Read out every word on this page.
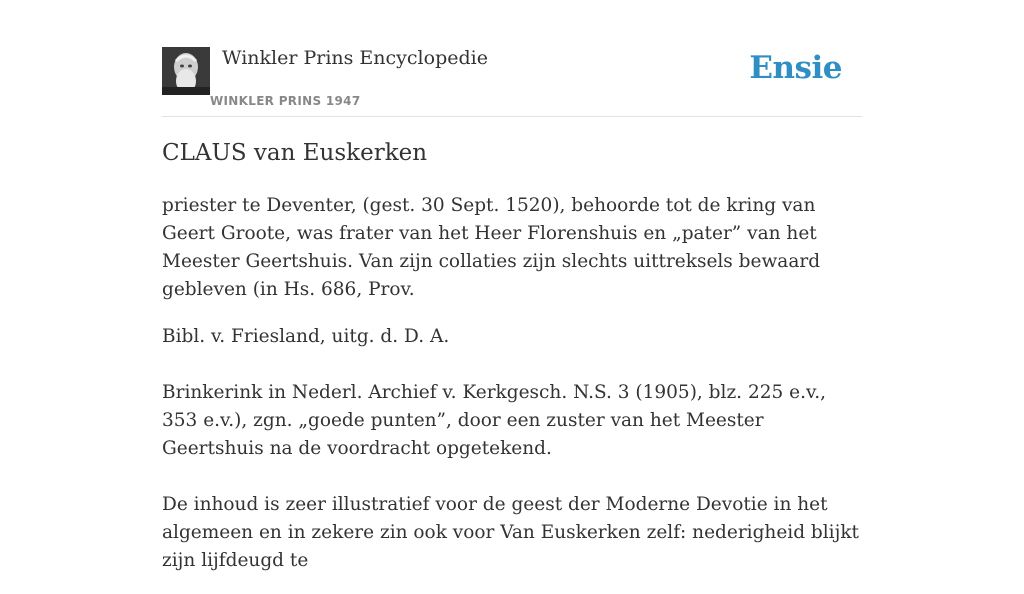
Winkler Prins Encyclopedie
WINKLER PRINS 1947
Ensie
CLAUS van Euskerken

priester te Deventer, (gest. 30 Sept. 1520), behoorde tot de kring van Geert Groote, was frater van het Heer Florenshuis en „pater” van het Meester Geertshuis. Van zijn collaties zijn slechts uittreksels bewaard gebleven (in Hs. 686, Prov.

Bibl. v. Friesland, uitg. d. D. A.

Brinkerink in Nederl. Archief v. Kerkgesch. N.S. 3 (1905), blz. 225 e.v., 353 e.v.), zgn. „goede punten”, door een zuster van het Meester Geertshuis na de voordracht opgetekend.

De inhoud is zeer illustratief voor de geest der Moderne Devotie in het algemeen en in zekere zin ook voor Van Euskerken zelf: nederigheid blijkt zijn lijfdeugd te
